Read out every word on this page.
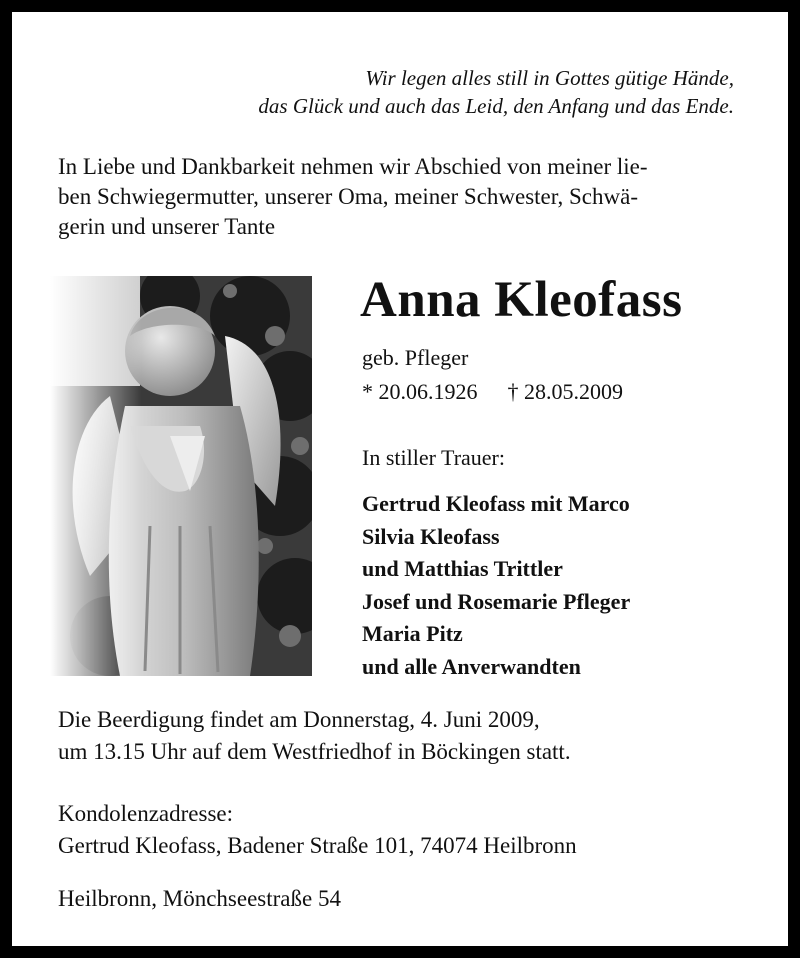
Wir legen alles still in Gottes gütige Hände,
das Glück und auch das Leid, den Anfang und das Ende.
In Liebe und Dankbarkeit nehmen wir Abschied von meiner lie-
ben Schwiegermutter, unserer Oma, meiner Schwester, Schwä-
gerin und unserer Tante
Anna Kleofass
geb. Pfleger
* 20.06.1926 † 28.05.2009
In stiller Trauer:
Gertrud Kleofass mit Marco
Silvia Kleofass
und Matthias Trittler
Josef und Rosemarie Pfleger
Maria Pitz
und alle Anverwandten
Die Beerdigung findet am Donnerstag, 4. Juni 2009,
um 13.15 Uhr auf dem Westfriedhof in Böckingen statt.
Kondolenzadresse:
Gertrud Kleofass, Badener Straße 101, 74074 Heilbronn
Heilbronn, Mönchseestraße 54
